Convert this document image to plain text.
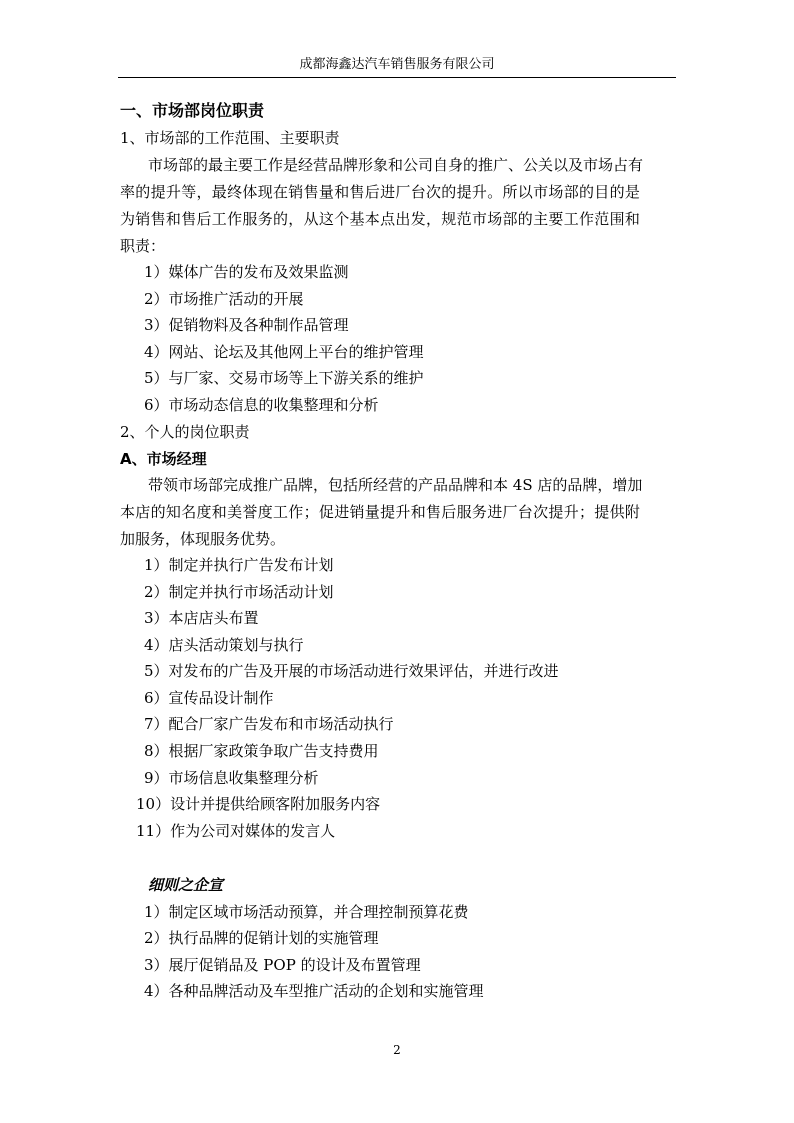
成都海鑫达汽车销售服务有限公司
一、市场部岗位职责
1、市场部的工作范围、主要职责
市场部的最主要工作是经营品牌形象和公司自身的推广、公关以及市场占有
率的提升等，最终体现在销售量和售后进厂台次的提升。所以市场部的目的是
为销售和售后工作服务的，从这个基本点出发，规范市场部的主要工作范围和
职责：
1）媒体广告的发布及效果监测
2）市场推广活动的开展
3）促销物料及各种制作品管理
4）网站、论坛及其他网上平台的维护管理
5）与厂家、交易市场等上下游关系的维护
6）市场动态信息的收集整理和分析
2、个人的岗位职责
A、市场经理
带领市场部完成推广品牌，包括所经营的产品品牌和本 4S 店的品牌，增加
本店的知名度和美誉度工作；促进销量提升和售后服务进厂台次提升；提供附
加服务，体现服务优势。
1）制定并执行广告发布计划
2）制定并执行市场活动计划
3）本店店头布置
4）店头活动策划与执行
5）对发布的广告及开展的市场活动进行效果评估，并进行改进
6）宣传品设计制作
7）配合厂家广告发布和市场活动执行
8）根据厂家政策争取广告支持费用
9）市场信息收集整理分析
10）设计并提供给顾客附加服务内容
11）作为公司对媒体的发言人
细则之企宣
1）制定区域市场活动预算，并合理控制预算花费
2）执行品牌的促销计划的实施管理
3）展厅促销品及 POP 的设计及布置管理
4）各种品牌活动及车型推广活动的企划和实施管理
2
